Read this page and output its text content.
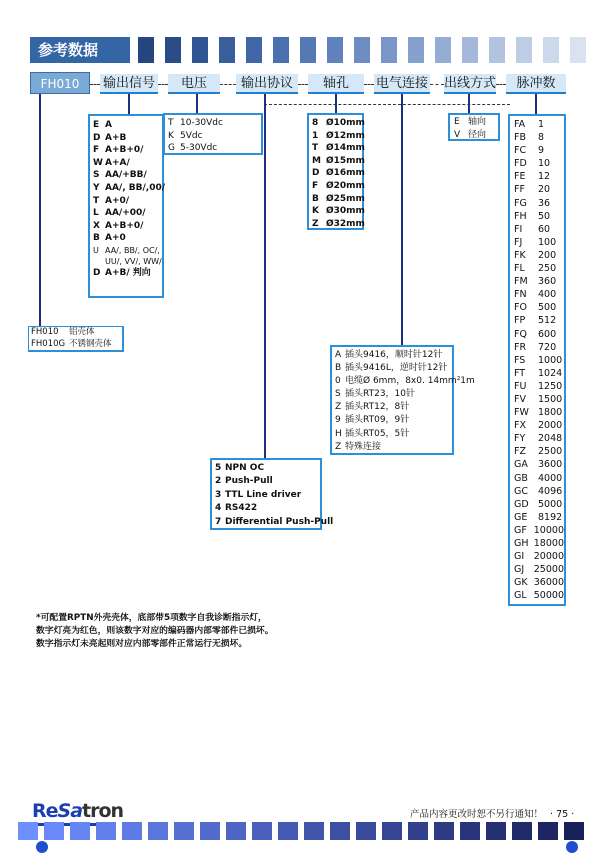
参考数据
FH010	输出信号	电压	输出协议	轴孔	电气连接 出线方式	脉冲数
E A
D A+B
F A+B+0/
W A+A/
S AA/+BB/
Y AA/, BB/,00/
T A+0/
L AA/+00/
X A+B+0/
B A+0
U AA/, BB/, OC/,
UU/, VV/, WW/
D A+B/ 判向
T 10-30Vdc
K 5Vdc
G 5-30Vdc
8 Ø10mm
1 Ø12mm
T Ø14mm
M Ø15mm
D Ø16mm
F Ø20mm
B Ø25mm
K Ø30mm
Z Ø32mm
E 轴向
V 径向
FA	1
FB	8
FC	9
FD	10
FE	12
FF	20
FG	36
FH	50
FI	60
FJ	100
FK	200
FL	250
FM	360
FN	400
FO	500
FP	512
FQ	600
FR	720
FS	1000
FT	1024
FU	1250
FV	1500
FW 1800
FX	2000
FY	2048
FZ	2500
GA	3600
GB	4000
GC	4096
GD 5000
GE	8192
GF 10000
GH 18000
GI	20000
GJ	25000
GK 36000
GL 50000
FH010 铝壳体
FH010G 不锈钢壳体
A 插头9416，顺时针12针
B 插头9416L，逆时针12针
0 电缆Ø 6mm，8x0. 14mm²1m
S 插头RT23，10针
Z 插头RT12，8针
9 插头RT09，9针
H 插头RT05，5针
Z 特殊连接
5 NPN OC
2 Push-Pull
3 TTL Line driver
4 RS422
7 Differential Push-Pull
*可配置RPTN外壳壳体，底部带5项数字自我诊断指示灯，
数字灯亮为红色，则该数字对应的编码器内部零部件已损坏。
数字指示灯未亮起则对应内部零部件正常运行无损坏。
ReSatron	产品内容更改时恕不另行通知！ · 75 ·
